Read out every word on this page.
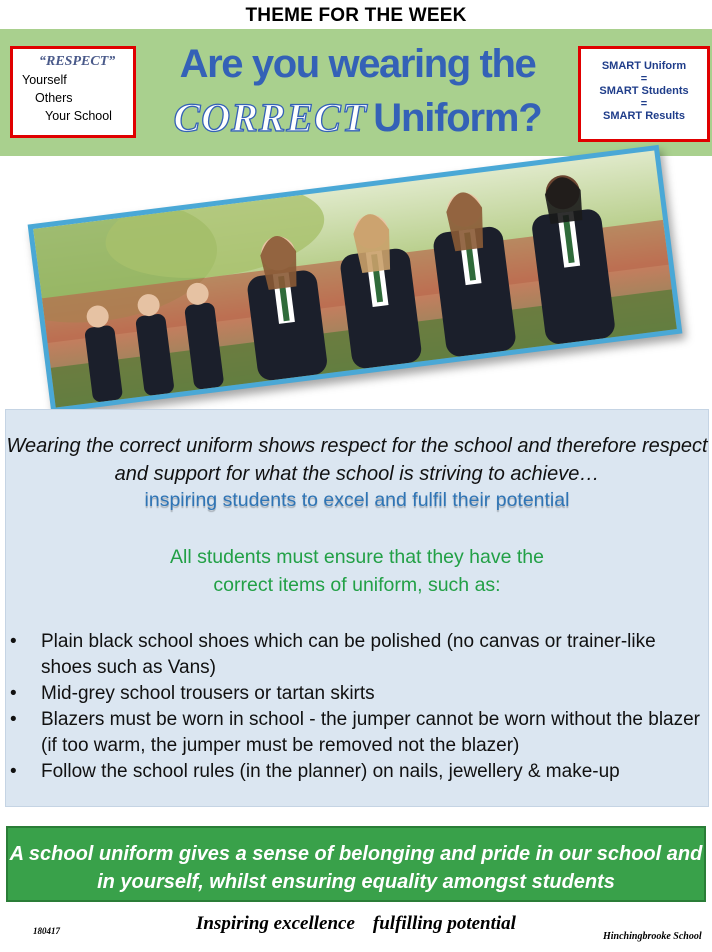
THEME FOR THE WEEK
“RESPECT”
Yourself
Others
Your School
Are you wearing the
CORRECT Uniform?
SMART Uniform
=
SMART Students
=
SMART Results
Wearing the correct uniform shows respect for the school and therefore respect and support for what the school is striving to achieve…
inspiring students to excel and fulfil their potential
All students must ensure that they have the
correct items of uniform, such as:
• Plain black school shoes which can be polished (no canvas or trainer-like shoes such as Vans)
• Mid-grey school trousers or tartan skirts
• Blazers must be worn in school - the jumper cannot be worn without the blazer (if too warm, the jumper must be removed not the blazer)
• Follow the school rules (in the planner) on nails, jewellery & make-up
A school uniform gives a sense of belonging and pride in our school and in yourself, whilst ensuring equality amongst students
180417	Inspiring excellence fulfilling potential
Hinchingbrooke School
